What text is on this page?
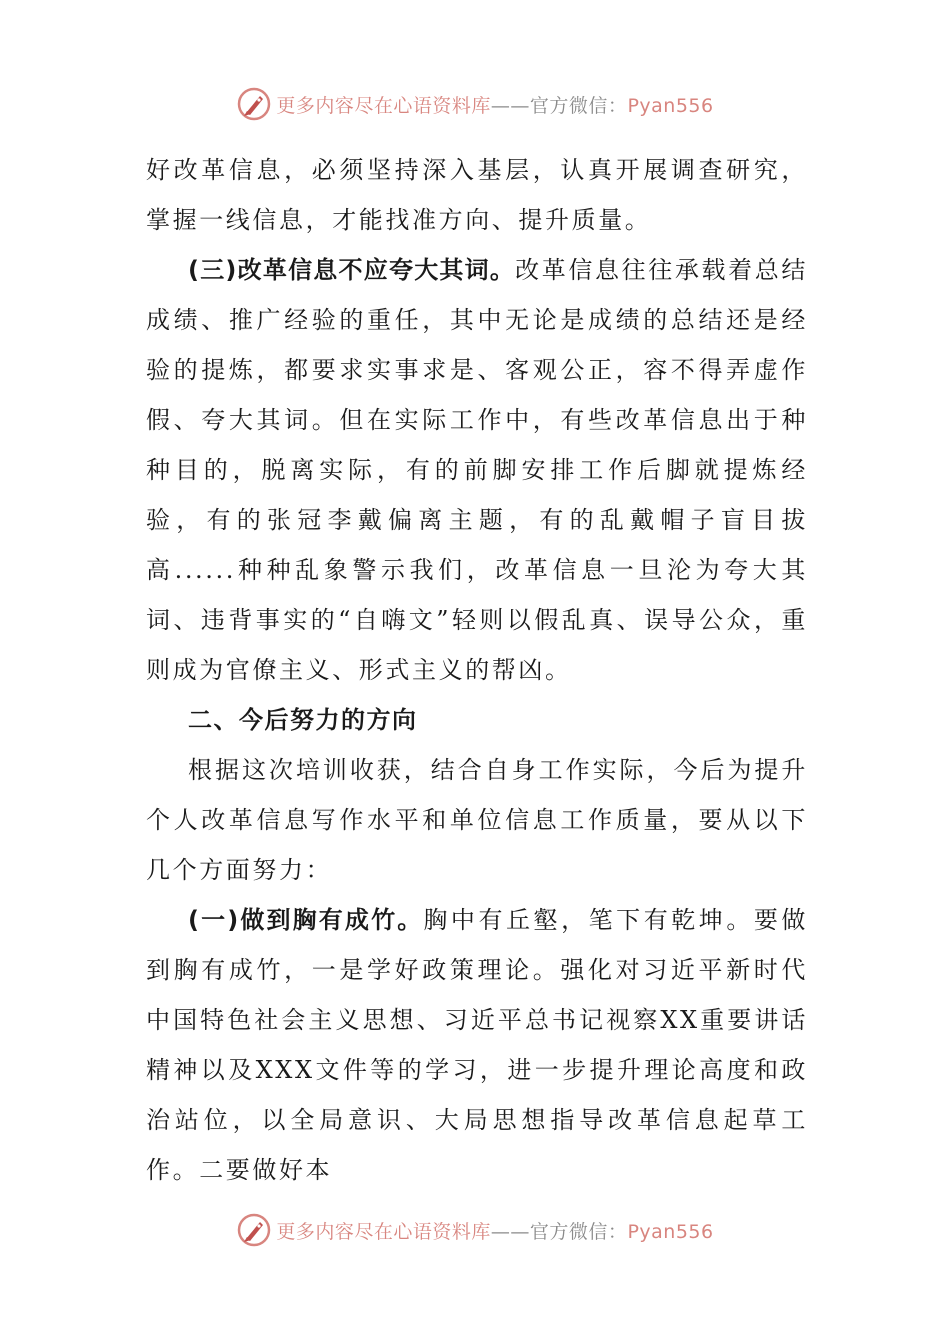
更多内容尽在心语资料库——官方微信：Pyan556

好改革信息，必须坚持深入基层，认真开展调查研究，掌握一线信息，才能找准方向、提升质量。

(三)改革信息不应夸大其词。改革信息往往承载着总结成绩、推广经验的重任，其中无论是成绩的总结还是经验的提炼，都要求实事求是、客观公正，容不得弄虚作假、夸大其词。但在实际工作中，有些改革信息出于种种目的，脱离实际，有的前脚安排工作后脚就提炼经验，有的张冠李戴偏离主题，有的乱戴帽子盲目拔高......种种乱象警示我们，改革信息一旦沦为夸大其词、违背事实的“自嗨文”轻则以假乱真、误导公众，重则成为官僚主义、形式主义的帮凶。

二、今后努力的方向

根据这次培训收获，结合自身工作实际，今后为提升个人改革信息写作水平和单位信息工作质量，要从以下几个方面努力：

(一)做到胸有成竹。胸中有丘壑，笔下有乾坤。要做到胸有成竹，一是学好政策理论。强化对习近平新时代中国特色社会主义思想、习近平总书记视察XX重要讲话精神以及XXX文件等的学习，进一步提升理论高度和政治站位，以全局意识、大局思想指导改革信息起草工作。二要做好本

更多内容尽在心语资料库——官方微信：Pyan556
